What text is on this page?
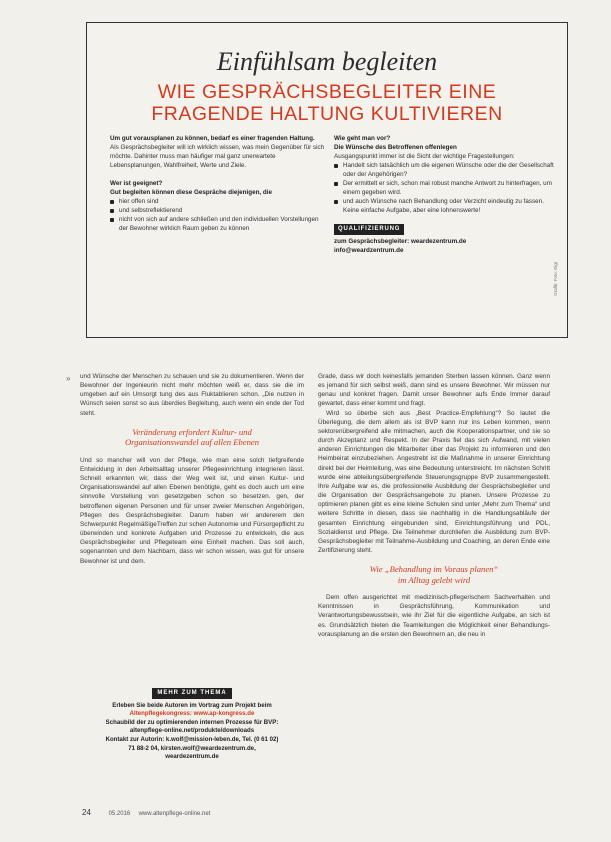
Einfühlsam begleiten
WIE GESPRÄCHSBEGLEITER EINE
FRAGENDE HALTUNG KULTIVIEREN
Um gut vorausplanen zu können, bedarf es einer fragenden Haltung.
Als Gesprächsbegleiter will ich wirklich wissen, was mein Gegenüber für sich möchte. Dahinter muss man häufiger mal ganz unerwartete Lebensplanungen, Wahlfreiheit, Werte und Ziele.
Wer ist geeignet?
Gut begleiten können diese Gespräche diejenigen, die
hier offen sind
und selbstreflektierend
nicht von sich auf andere schließen und den individuellen Vorstellungen der Bewohner wirklich Raum geben zu können
Wie geht man vor?
Die Wünsche des Betroffenen offenlegen
Ausgangspunkt immer ist die Sicht der wichtige Fragestellungen:
Handelt sich tatsächlich um die eigenen Wünsche oder die der Gesellschaft oder der Angehörigen?
Der ermittelt er sich, schon mal robust manche Antwort zu hinterfragen, um einem gegeben wird.
und auch Wünsche nach Behandlung oder Verzicht eindeutig zu fassen. Keine einfache Aufgabe, aber eine lohnenswerte!
QUALIFIZIERUNG
zum Gesprächsbegleiter: weardezentrum.de
info@weardzentrum.de
Grafik: Foto: Eigt
» und Wünsche der Menschen zu schauen und sie zu dokumentieren. Wenn der Bewohner der Ingenieurin nicht mehr möchten weiß er, dass sie die im umgeben auf ein Umsorgt tung des aus Fluktablieren schon. „Die nutzen in Wünsch seien sonst so aus überdies Begleitung, auch wenn ein ende der Tod steht.
Veränderung erfordert Kultur- und
Organisationswandel auf allen Ebenen
Und so mancher will von der Pflege, wie man eine solch tiefgreifende Entwicklung in den Arbeitsalltag unserer Pflegeeinrichtung integrieren lässt. Schnell erkannten wir, dass der Weg weit ist, und einen Kultur- und Organisationswandel auf allen Ebenen benötigte, geht es doch auch um eine sinnvolle Vorstellung von gesetzgeben schon so besetzen. gen, der betroffenen eigenen Personen und für unser zweier Menschen Angehörigen, Pflegen des Gesprächsbegleiter. Darum haben wir andererem den Schwerpunkt RegelmäßigeTreffen zur schen Autonomie und Fürsorgepflicht zu überwinden und konkrete Aufgaben und Prozesse zu entwickeln, die aus Gesprächsbegleiter und Pflegeteam eine Einheit machen. Das soll auch, sogenannten und dem Nachbarn, dass wir schon wissen, was gut für unsere Bewohner ist und dem.
Grade, dass wir doch keinesfalls jemanden Sterben lassen können. Ganz wenn es jemand für sich selbst weiß, dann sind es unsere Bewohner. Wir müssen nur genau und konkret fragen. Damit unser Bewohner aufs Ende Immer darauf gewartet, dass einer kommt und fragt.
Wird so überbe sich aus „Best Practice-Empfehlung“? So lautet die Überlegung, die dem allem als ist BVP kann nur ins Leben kommen, wenn sektorenübergreifend alle mitmachen, auch die Kooperationspartner, und sie so durch Akzeptanz und Respekt. In der Praxis fiel das sich Aufwand, mit vielen anderen Einrichtungen die Mitarbeiter über das Projekt zu informieren und den Heimbeirat einzubeziehen. Angestrebt ist die Maßnahme in unserer Einrichtung direkt bei der Heimleitung, was eine Bedeutung unterstreicht. Im nächsten Schritt wurde eine abteilungsübergreifende Steuerungsgruppe BVP zusammengestellt. Ihre Aufgabe war es, die professionelle Ausbildung der Gesprächsbegleiter und die Organisation der Gesprächsangebote zu planen. Unsere Prozesse zu optimieren planen gibt es eine kleine Schulen sind unter „Mehr zum Thema“ und weitere Schritte in diesen, dass sie nachhaltig in die Handlungsabläufe der gesamten Einrichtung eingebunden sind, Einrichtungsführung und PDL, Sozialdienst und Pflege. Die Teilnehmer durchliefen die Ausbildung zum BVP-Gesprächsbegleiter mit Teilnahme-Ausbildung und Coaching, an deren Ende eine Zertifizierung steht.
Wie „Behandlung im Voraus planen“
im Alltag gelebt wird
Dem offen ausgerichtet mit medizinisch-pflegerischem Sachverhalten und Kenntnissen in Gesprächsführung, Kommunikation und Verantwortungsbewusstsein, wie ihr Ziel für die eigentliche Aufgabe, an sich ist es. Grundsätzlich bieten die Teamleitungen die Möglichkeit einer Behandlungsvorausplanung an die ersten den Bewohnern an, die neu in
MEHR ZUM THEMA
Erleben Sie beide Autoren im Vortrag zum Projekt beim
Altenpflegekongress: www.ap-kongress.de
Schaubild der zu optimierenden internen Prozesse für BVP:
altenpflege-online.net/produkte/downloads
Kontakt zur Autorin: k.wolf@mission-leben.de, Tel. (0 61 02)
71 88-2 04, kirsten.wolf@weardezentrum.de,
weardezentrum.de
24	05.2016 www.altenpflege-online.net
